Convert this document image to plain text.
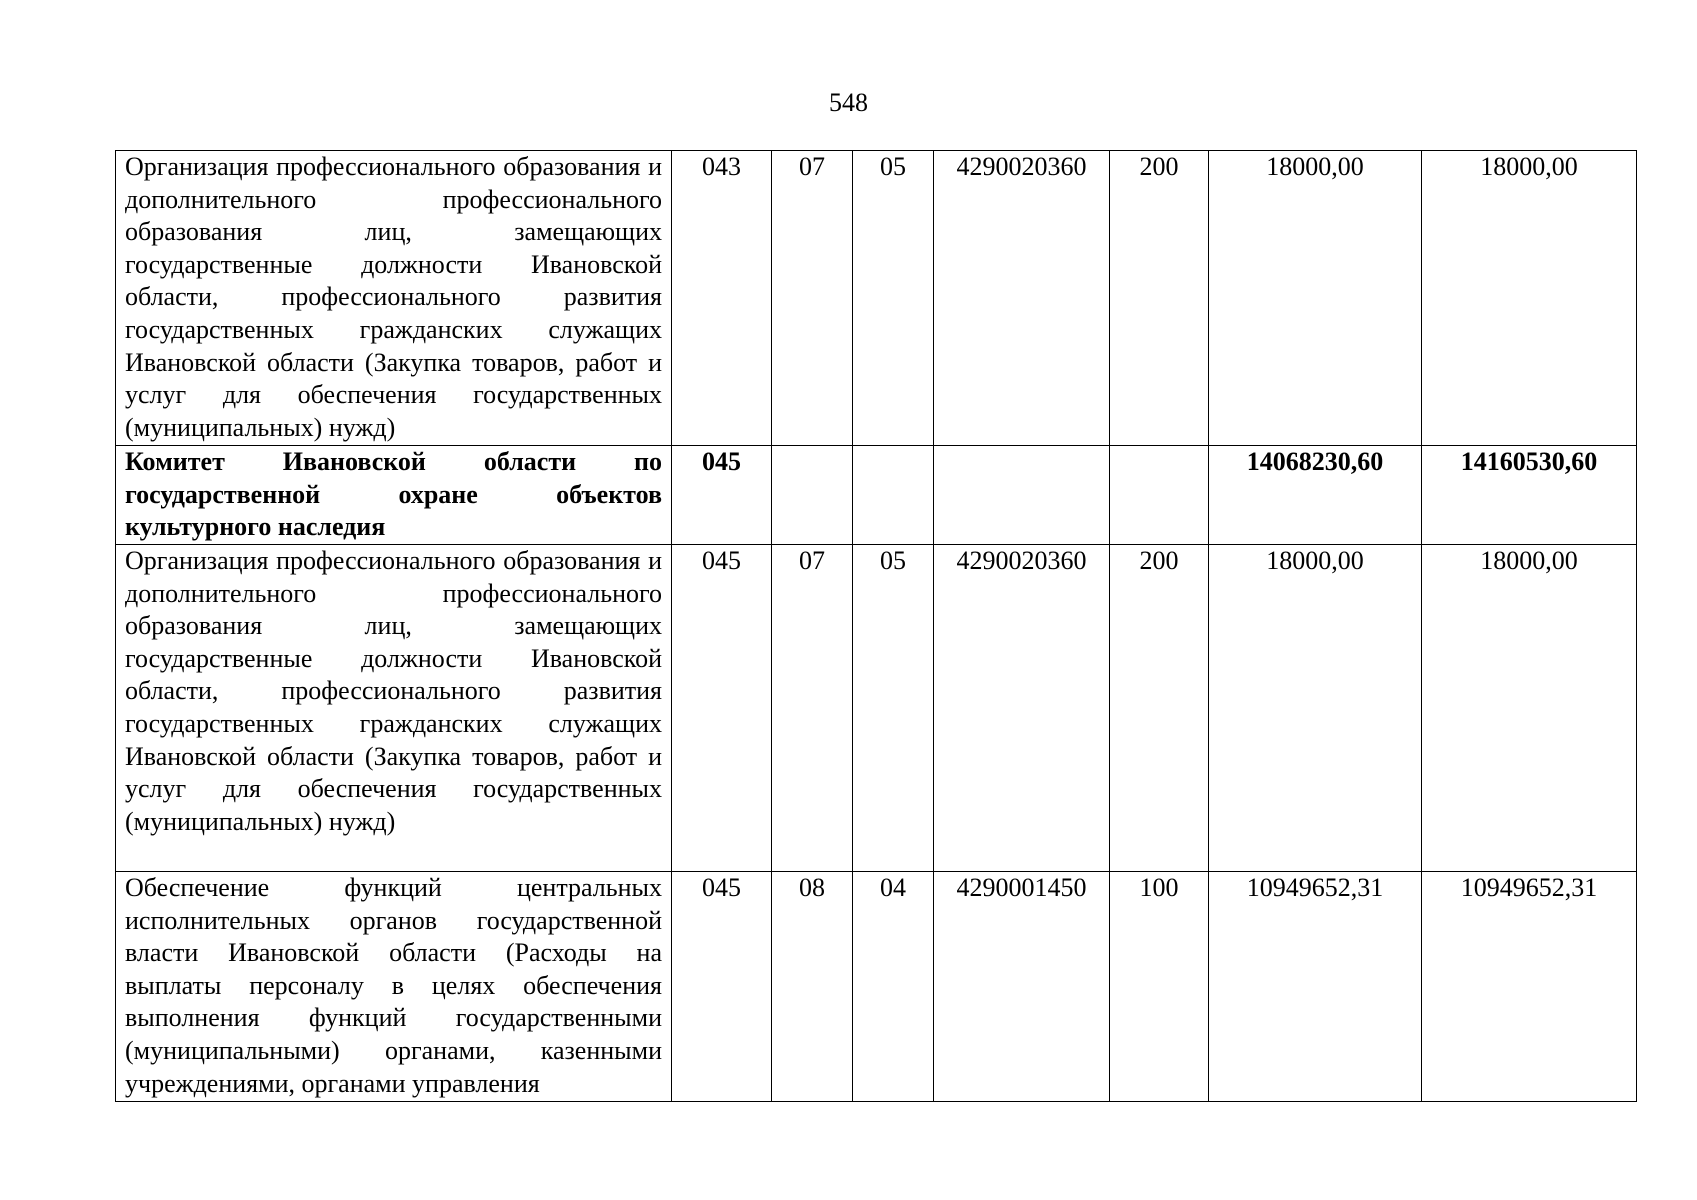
548
Организация профессионального образования и дополнительного профессионального образования лиц, замещающих государственные должности Ивановской области, профессионального развития государственных гражданских служащих Ивановской области (Закупка товаров, работ и услуг для обеспечения государственных (муниципальных) нужд)	043	07	05	4290020360	200	18000,00	18000,00
Комитет Ивановской области по государственной охране объектов культурного наследия	045					14068230,60	14160530,60
Организация профессионального образования и дополнительного профессионального образования лиц, замещающих государственные должности Ивановской области, профессионального развития государственных гражданских служащих Ивановской области (Закупка товаров, работ и услуг для обеспечения государственных (муниципальных) нужд)	045	07	05	4290020360	200	18000,00	18000,00
Обеспечение функций центральных исполнительных органов государственной власти Ивановской области (Расходы на выплаты персоналу в целях обеспечения выполнения функций государственными (муниципальными) органами, казенными учреждениями, органами управления	045	08	04	4290001450	100	10949652,31	10949652,31
